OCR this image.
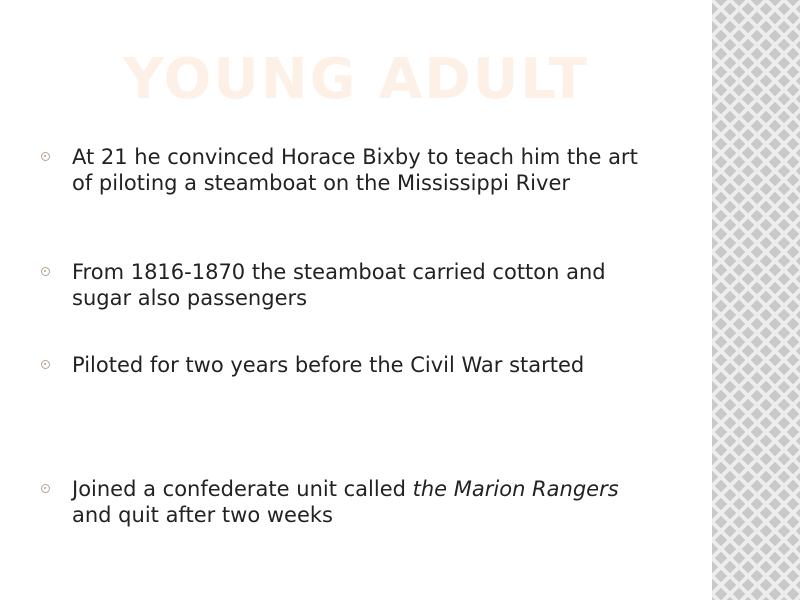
YOUNG ADULT
At 21 he convinced Horace Bixby to teach him the art of piloting a steamboat on the Mississippi River
From 1816-1870 the steamboat carried cotton and sugar also passengers
Piloted for two years before the Civil War started
Joined a confederate unit called the Marion Rangers and quit after two weeks
